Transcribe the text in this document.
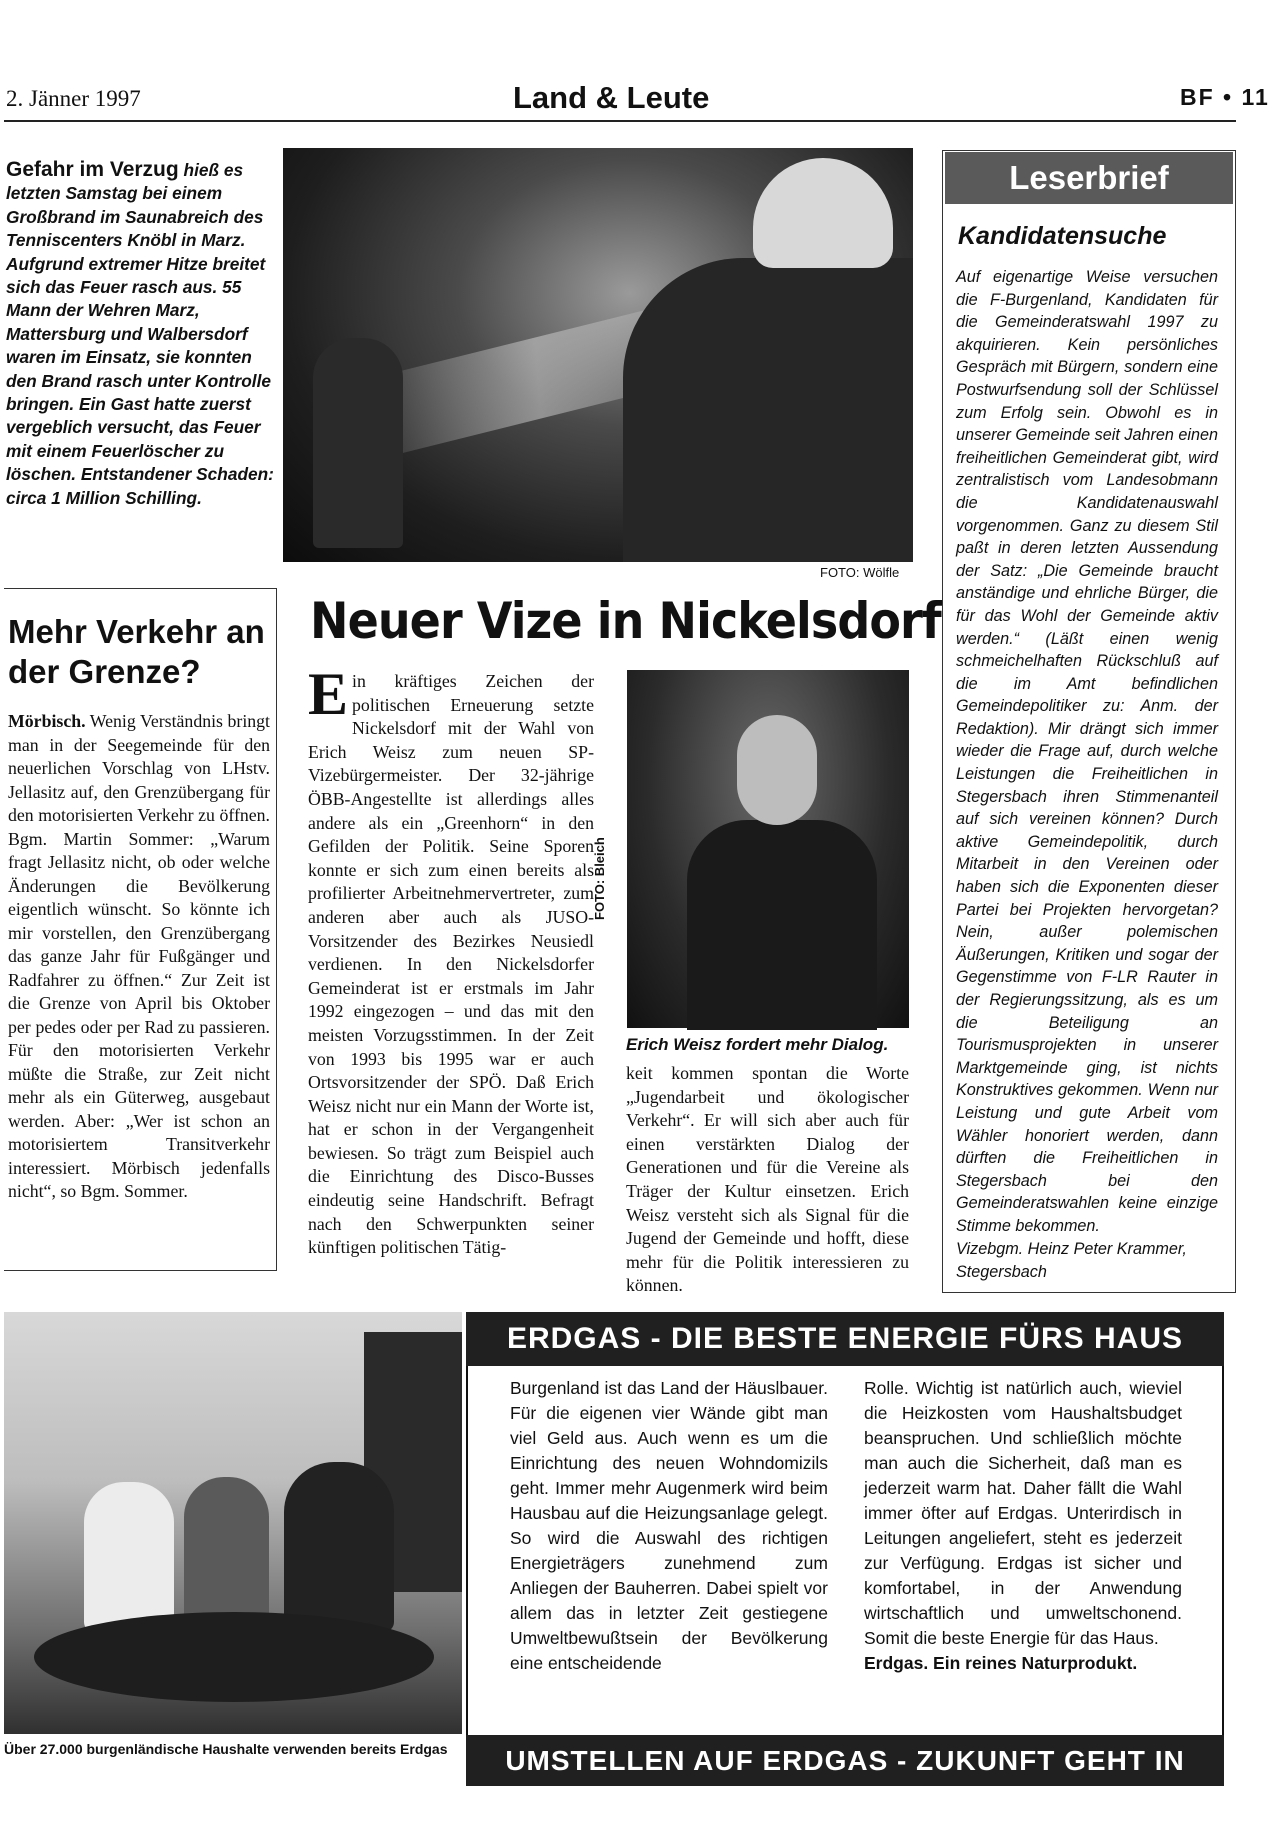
2. Jänner 1997	Land & Leute	BF • 11
Gefahr im Verzug hieß es letzten Samstag bei einem Großbrand im Saunabreich des Tenniscenters Knöbl in Marz. Aufgrund extremer Hitze breitet sich das Feuer rasch aus. 55 Mann der Wehren Marz, Mattersburg und Walbersdorf waren im Einsatz, sie konnten den Brand rasch unter Kontrolle bringen. Ein Gast hatte zuerst vergeblich versucht, das Feuer mit einem Feuerlöscher zu löschen. Entstandener Schaden: circa 1 Million Schilling.
FOTO: Wölfle
Mehr Verkehr an der Grenze?
Mörbisch. Wenig Verständnis bringt man in der Seegemeinde für den neuerlichen Vorschlag von LHstv. Jellasitz auf, den Grenzübergang für den motorisierten Verkehr zu öffnen. Bgm. Martin Sommer: „Warum fragt Jellasitz nicht, ob oder welche Änderungen die Bevölkerung eigentlich wünscht. So könnte ich mir vorstellen, den Grenzübergang das ganze Jahr für Fußgänger und Radfahrer zu öffnen.“ Zur Zeit ist die Grenze von April bis Oktober per pedes oder per Rad zu passieren. Für den motorisierten Verkehr müßte die Straße, zur Zeit nicht mehr als ein Güterweg, ausgebaut werden. Aber: „Wer ist schon an motorisiertem Transitverkehr interessiert. Mörbisch jedenfalls nicht“, so Bgm. Sommer.
Neuer Vize in Nickelsdorf
Ein kräftiges Zeichen der politischen Erneuerung setzte Nickelsdorf mit der Wahl von Erich Weisz zum neuen SP-Vizebürgermeister. Der 32-jährige ÖBB-Angestellte ist allerdings alles andere als ein „Greenhorn“ in den Gefilden der Politik. Seine Sporen konnte er sich zum einen bereits als profilierter Arbeitnehmervertreter, zum anderen aber auch als JUSO-Vorsitzender des Bezirkes Neusiedl verdienen. In den Nickelsdorfer Gemeinderat ist er erstmals im Jahr 1992 eingezogen – und das mit den meisten Vorzugsstimmen. In der Zeit von 1993 bis 1995 war er auch Ortsvorsitzender der SPÖ. Daß Erich Weisz nicht nur ein Mann der Worte ist, hat er schon in der Vergangenheit bewiesen. So trägt zum Beispiel auch die Einrichtung des Disco-Busses eindeutig seine Handschrift. Befragt nach den Schwerpunkten seiner künftigen politischen Tätig-
FOTO: Bleich
Erich Weisz fordert mehr Dialog.
keit kommen spontan die Worte „Jugendarbeit und ökologischer Verkehr“. Er will sich aber auch für einen verstärkten Dialog der Generationen und für die Vereine als Träger der Kultur einsetzen. Erich Weisz versteht sich als Signal für die Jugend der Gemeinde und hofft, diese mehr für die Politik interessieren zu können.
Leserbrief
Kandidatensuche
Auf eigenartige Weise versuchen die F-Burgenland, Kandidaten für die Gemeinderatswahl 1997 zu akquirieren. Kein persönliches Gespräch mit Bürgern, sondern eine Postwurfsendung soll der Schlüssel zum Erfolg sein. Obwohl es in unserer Gemeinde seit Jahren einen freiheitlichen Gemeinderat gibt, wird zentralistisch vom Landesobmann die Kandidatenauswahl vorgenommen. Ganz zu diesem Stil paßt in deren letzten Aussendung der Satz: „Die Gemeinde braucht anständige und ehrliche Bürger, die für das Wohl der Gemeinde aktiv werden.“ (Läßt einen wenig schmeichelhaften Rückschluß auf die im Amt befindlichen Gemeindepolitiker zu: Anm. der Redaktion). Mir drängt sich immer wieder die Frage auf, durch welche Leistungen die Freiheitlichen in Stegersbach ihren Stimmenanteil auf sich vereinen können? Durch aktive Gemeindepolitik, durch Mitarbeit in den Vereinen oder haben sich die Exponenten dieser Partei bei Projekten hervorgetan? Nein, außer polemischen Äußerungen, Kritiken und sogar der Gegenstimme von F-LR Rauter in der Regierungssitzung, als es um die Beteiligung an Tourismusprojekten in unserer Marktgemeinde ging, ist nichts Konstruktives gekommen. Wenn nur Leistung und gute Arbeit vom Wähler honoriert werden, dann dürften die Freiheitlichen in Stegersbach bei den Gemeinderatswahlen keine einzige Stimme bekommen.
Vizebgm. Heinz Peter Krammer, Stegersbach
Über 27.000 burgenländische Haushalte verwenden bereits Erdgas
ERDGAS - DIE BESTE ENERGIE FÜRS HAUS
Burgenland ist das Land der Häuslbauer. Für die eigenen vier Wände gibt man viel Geld aus. Auch wenn es um die Einrichtung des neuen Wohndomizils geht. Immer mehr Augenmerk wird beim Hausbau auf die Heizungsanlage gelegt. So wird die Auswahl des richtigen Energieträgers zunehmend zum Anliegen der Bauherren. Dabei spielt vor allem das in letzter Zeit gestiegene Umweltbewußtsein der Bevölkerung eine entscheidende
Rolle. Wichtig ist natürlich auch, wieviel die Heizkosten vom Haushaltsbudget beanspruchen. Und schließlich möchte man auch die Sicherheit, daß man es jederzeit warm hat. Daher fällt die Wahl immer öfter auf Erdgas. Unterirdisch in Leitungen angeliefert, steht es jederzeit zur Verfügung. Erdgas ist sicher und komfortabel, in der Anwendung wirtschaftlich und umweltschonend. Somit die beste Energie für das Haus.
Erdgas. Ein reines Naturprodukt.
UMSTELLEN AUF ERDGAS - ZUKUNFT GEHT IN SERIE
